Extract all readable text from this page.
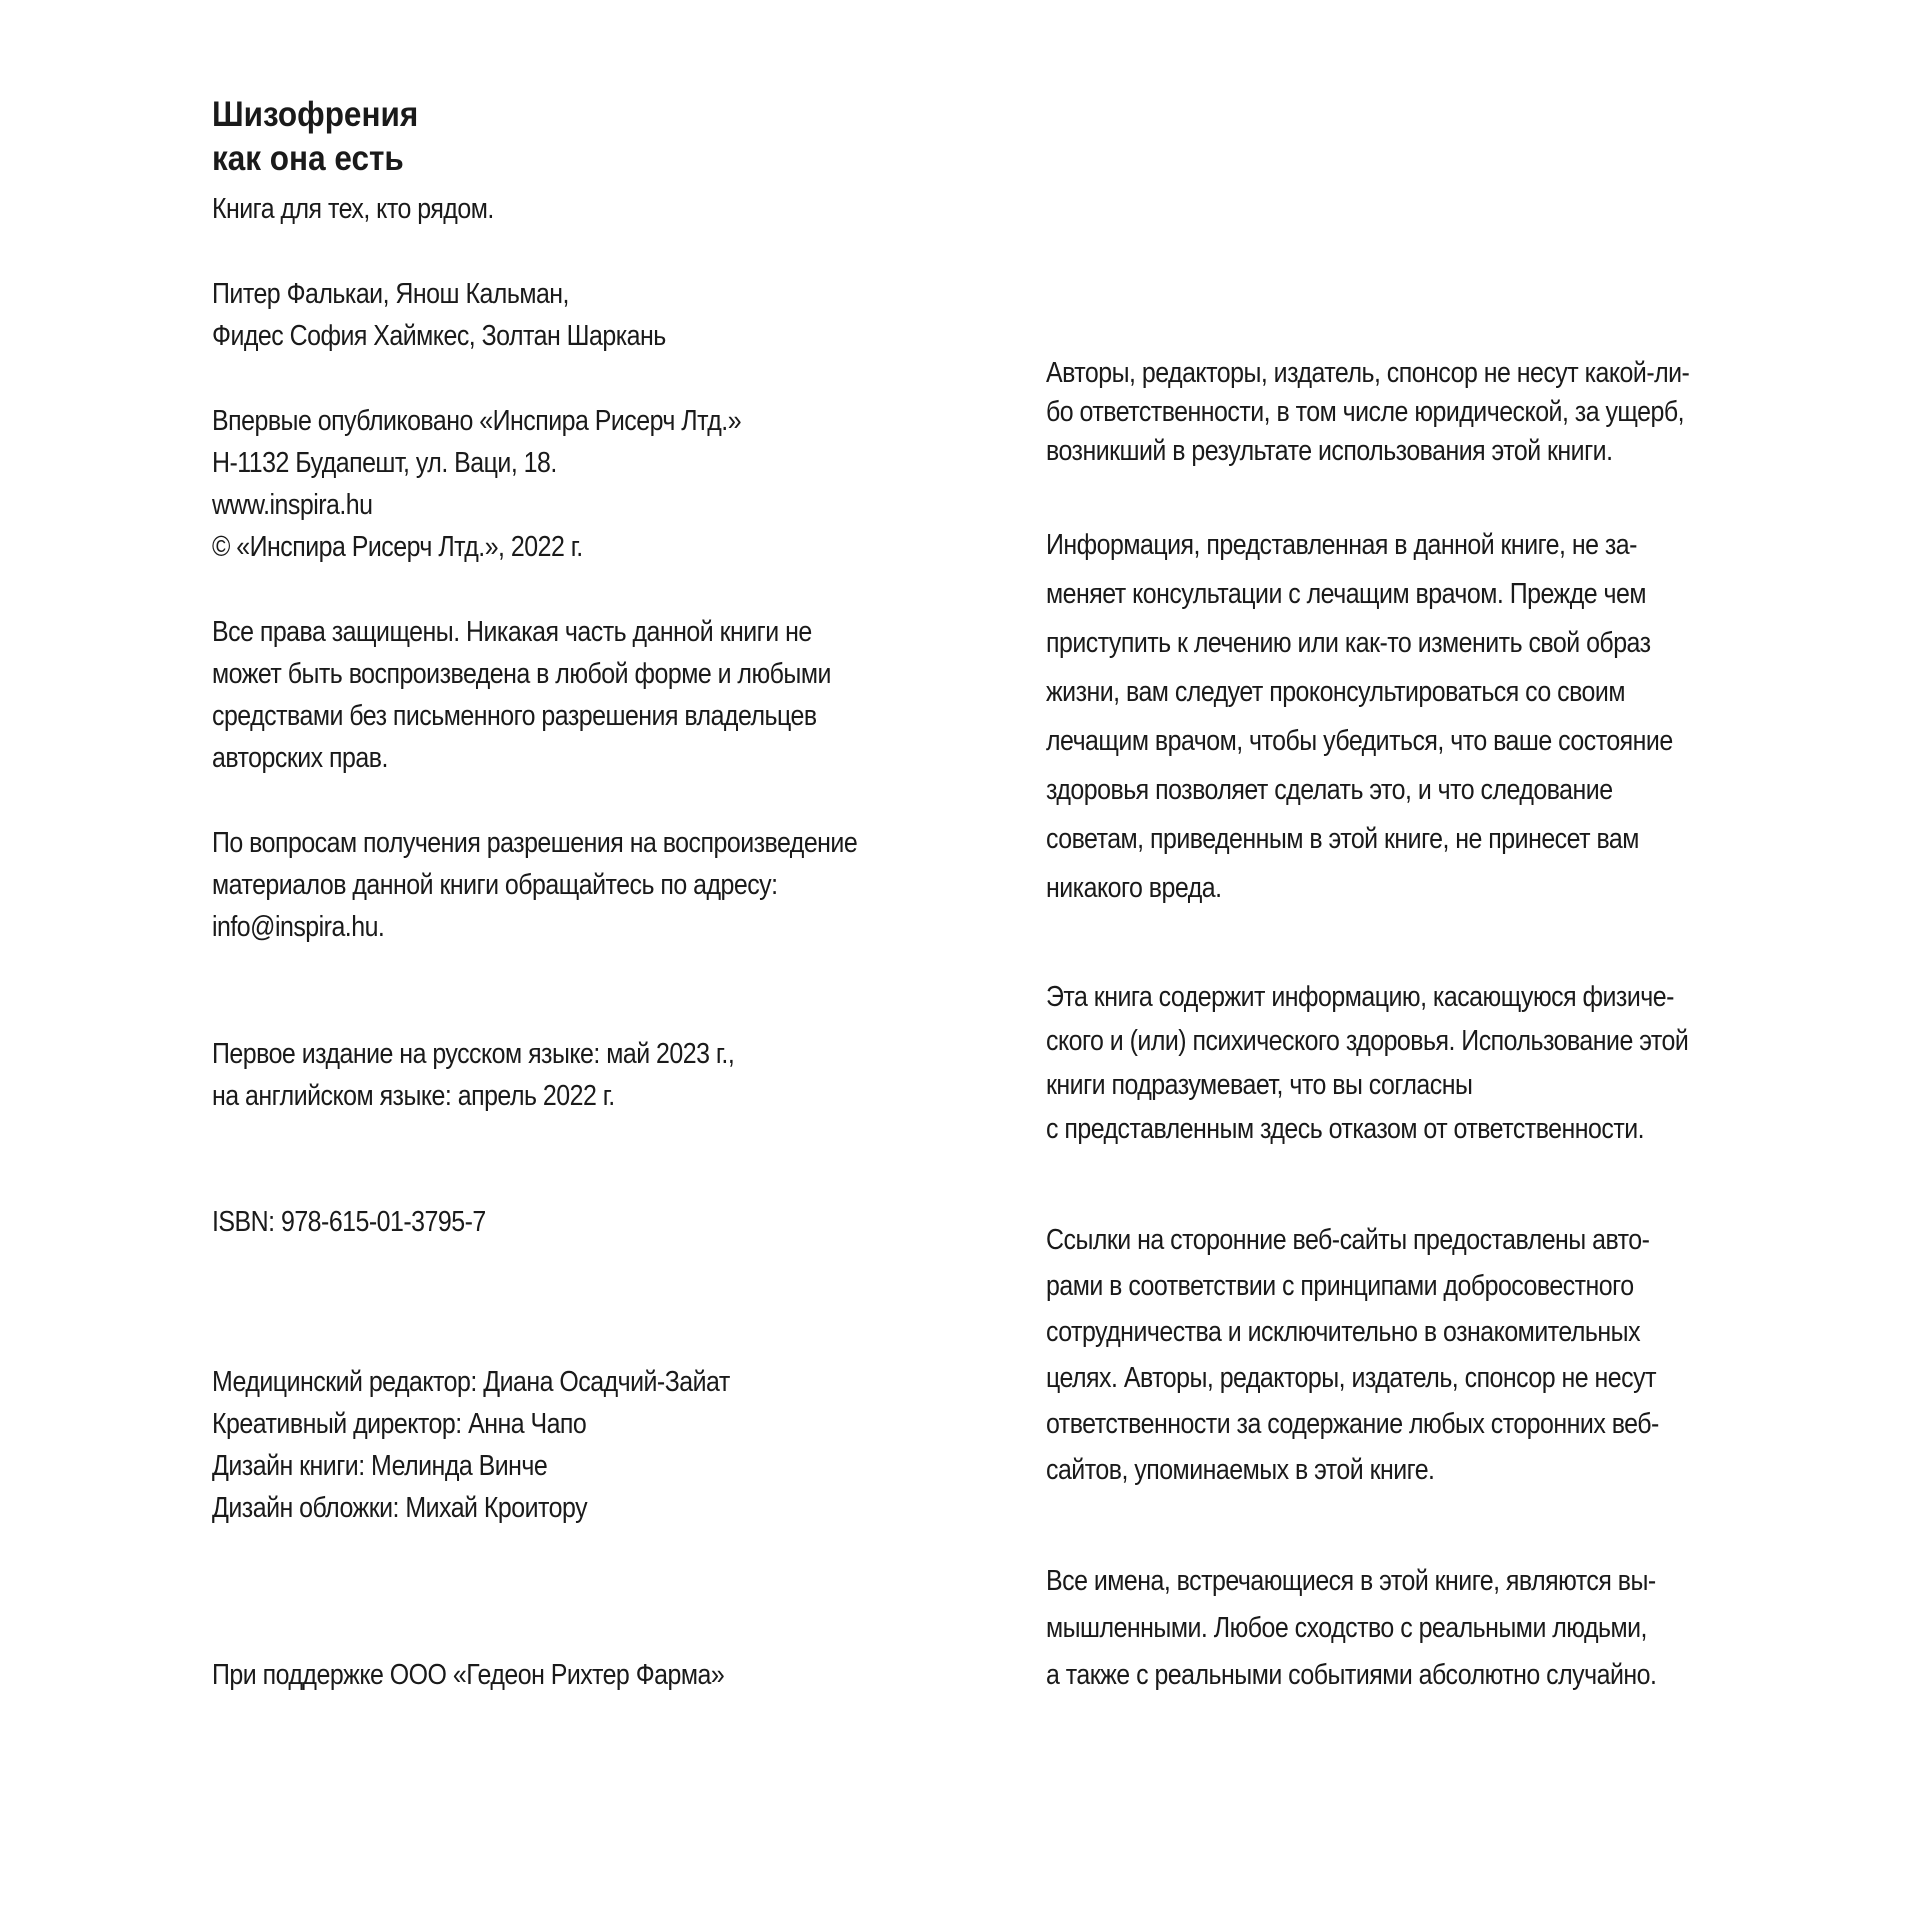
Шизофрения
как она есть
Книга для тех, кто рядом.
Питер Фалькаи, Янош Кальман,
Фидес София Хаймкес, Золтан Шаркань
Впервые опубликовано «Инспира Рисерч Лтд.»
H-1132 Будапешт, ул. Ваци, 18.
www.inspira.hu
© «Инспира Рисерч Лтд.», 2022 г.
Все права защищены. Никакая часть данной книги не
может быть воспроизведена в любой форме и любыми
средствами без письменного разрешения владельцев
авторских прав.
По вопросам получения разрешения на воспроизведение
материалов данной книги обращайтесь по адресу:
info@inspira.hu.
Первое издание на русском языке: май 2023 г.,
на английском языке: апрель 2022 г.
ISBN: 978-615-01-3795-7
Медицинский редактор: Диана Осадчий-Зайат
Креативный директор: Анна Чапо
Дизайн книги: Мелинда Винче
Дизайн обложки: Михай Кроитору
При поддержке ООО «Гедеон Рихтер Фарма»
Авторы, редакторы, издатель, спонсор не несут какой-ли-
бо ответственности, в том числе юридической, за ущерб,
возникший в результате использования этой книги.
Информация, представленная в данной книге, не за-
меняет консультации с лечащим врачом. Прежде чем
приступить к лечению или как-то изменить свой образ
жизни, вам следует проконсультироваться со своим
лечащим врачом, чтобы убедиться, что ваше состояние
здоровья позволяет сделать это, и что следование
советам, приведенным в этой книге, не принесет вам
никакого вреда.
Эта книга содержит информацию, касающуюся физиче-
ского и (или) психического здоровья. Использование этой
книги подразумевает, что вы согласны
с представленным здесь отказом от ответственности.
Ссылки на сторонние веб-сайты предоставлены авто-
рами в соответствии с принципами добросовестного
сотрудничества и исключительно в ознакомительных
целях. Авторы, редакторы, издатель, спонсор не несут
ответственности за содержание любых сторонних веб-
сайтов, упоминаемых в этой книге.
Все имена, встречающиеся в этой книге, являются вы-
мышленными. Любое сходство с реальными людьми,
а также с реальными событиями абсолютно случайно.
